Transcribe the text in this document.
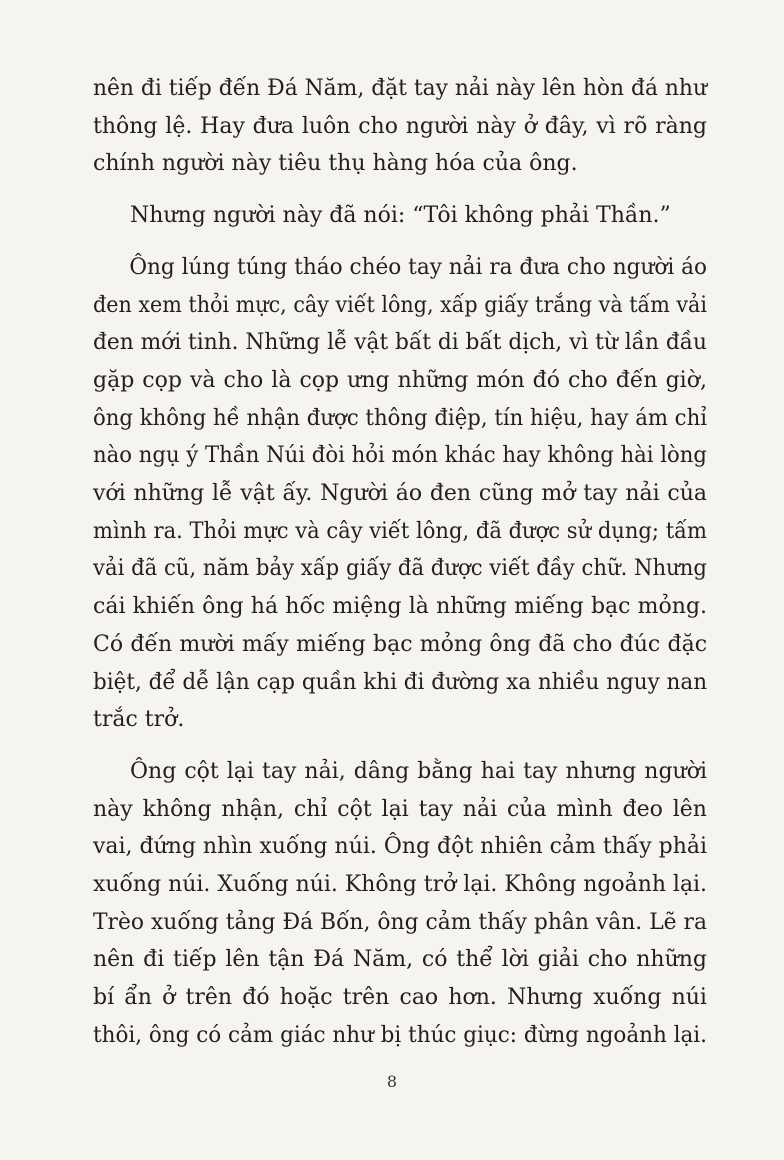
nên đi tiếp đến Đá Năm, đặt tay nải này lên hòn đá như
thông lệ. Hay đưa luôn cho người này ở đây, vì rõ ràng
chính người này tiêu thụ hàng hóa của ông.

Nhưng người này đã nói: “Tôi không phải Thần.”

Ông lúng túng tháo chéo tay nải ra đưa cho người áo
đen xem thỏi mực, cây viết lông, xấp giấy trắng và tấm vải
đen mới tinh. Những lễ vật bất di bất dịch, vì từ lần đầu
gặp cọp và cho là cọp ưng những món đó cho đến giờ,
ông không hề nhận được thông điệp, tín hiệu, hay ám chỉ
nào ngụ ý Thần Núi đòi hỏi món khác hay không hài lòng
với những lễ vật ấy. Người áo đen cũng mở tay nải của
mình ra. Thỏi mực và cây viết lông, đã được sử dụng; tấm
vải đã cũ, năm bảy xấp giấy đã được viết đầy chữ. Nhưng
cái khiến ông há hốc miệng là những miếng bạc mỏng.
Có đến mười mấy miếng bạc mỏng ông đã cho đúc đặc
biệt, để dễ lận cạp quần khi đi đường xa nhiều nguy nan
trắc trở.

Ông cột lại tay nải, dâng bằng hai tay nhưng người
này không nhận, chỉ cột lại tay nải của mình đeo lên
vai, đứng nhìn xuống núi. Ông đột nhiên cảm thấy phải
xuống núi. Xuống núi. Không trở lại. Không ngoảnh lại.
Trèo xuống tảng Đá Bốn, ông cảm thấy phân vân. Lẽ ra
nên đi tiếp lên tận Đá Năm, có thể lời giải cho những
bí ẩn ở trên đó hoặc trên cao hơn. Nhưng xuống núi
thôi, ông có cảm giác như bị thúc giục: đừng ngoảnh lại.

8
